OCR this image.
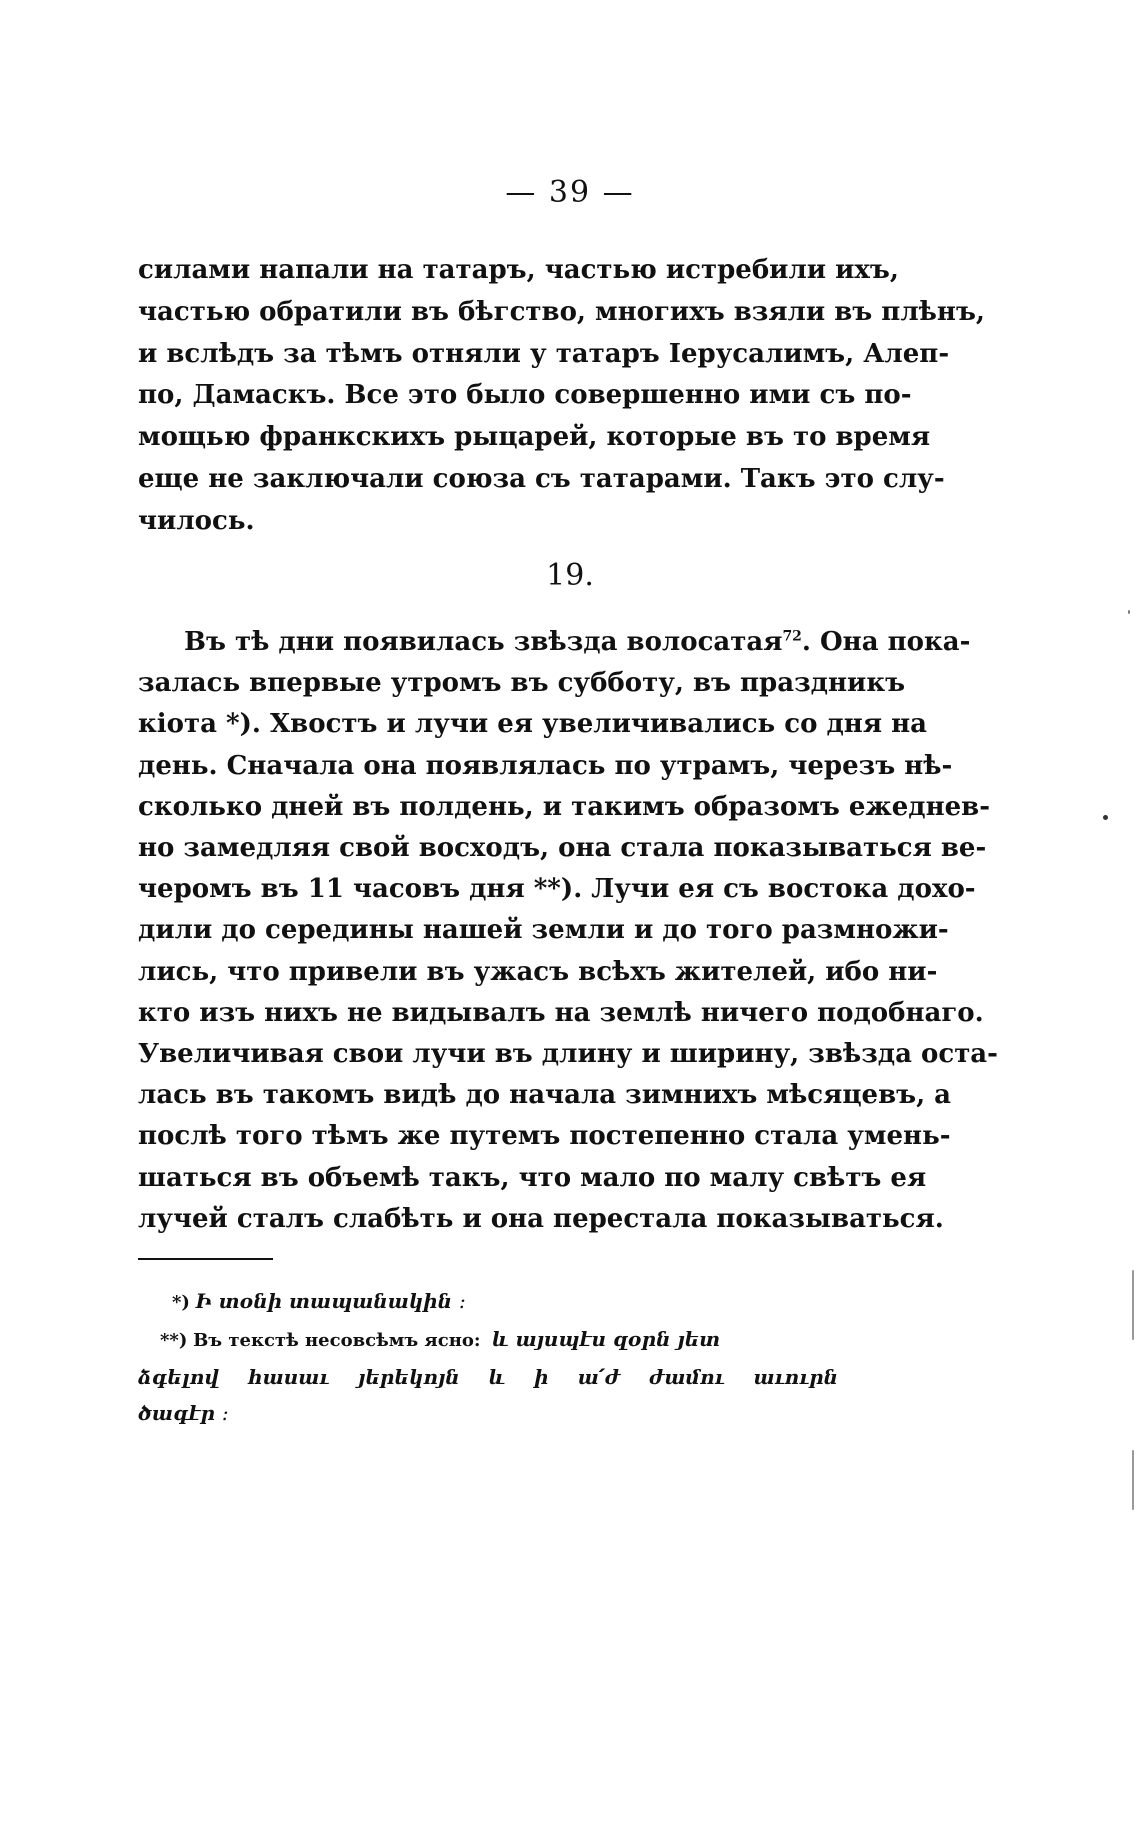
— 39 —
силами напали на татаръ, частью истребили ихъ,
частью обратили въ бѣгство, многихъ взяли въ плѣнъ,
и вслѣдъ за тѣмъ отняли у татаръ Іерусалимъ, Алеп-
по, Дамаскъ. Все это было совершенно ими съ по-
мощью франкскихъ рыцарей, которые въ то время
еще не заключали союза съ татарами. Такъ это слу-
чилось.
19.
Въ тѣ дни появилась звѣзда волосатая$^{72}$. Она пока-
залась впервые утромъ въ субботу, въ праздникъ
кіота *). Хвостъ и лучи ея увеличивались со дня на
день. Сначала она появлялась по утрамъ, черезъ нѣ-
сколько дней въ полдень, и такимъ образомъ ежеднев-
но замедляя свой восходъ, она стала показываться ве-
черомъ въ 11 часовъ дня **). Лучи ея съ востока дохо-
дили до середины нашей земли и до того размножи-
лись, что привели въ ужасъ всѣхъ жителей, ибо ни-
кто изъ нихъ не видывалъ на землѣ ничего подобнаго.
Увеличивая свои лучи въ длину и ширину, звѣзда оста-
лась въ такомъ видѣ до начала зимнихъ мѣсяцевъ, а
послѣ того тѣмъ же путемъ постепенно стала умень-
шаться въ объемѣ такъ, что мало по малу свѣтъ ея
лучей сталъ слабѣть и она перестала показываться.
*) Ի տօնի տապանակին ։
**) Въ текстѣ несовсѣмъ ясно: և այսպէս զօրն յետ
ձգելով հասաւ յերեկոյն և ի ա՛ժ ժամու աւուրն
ծագէր ։
